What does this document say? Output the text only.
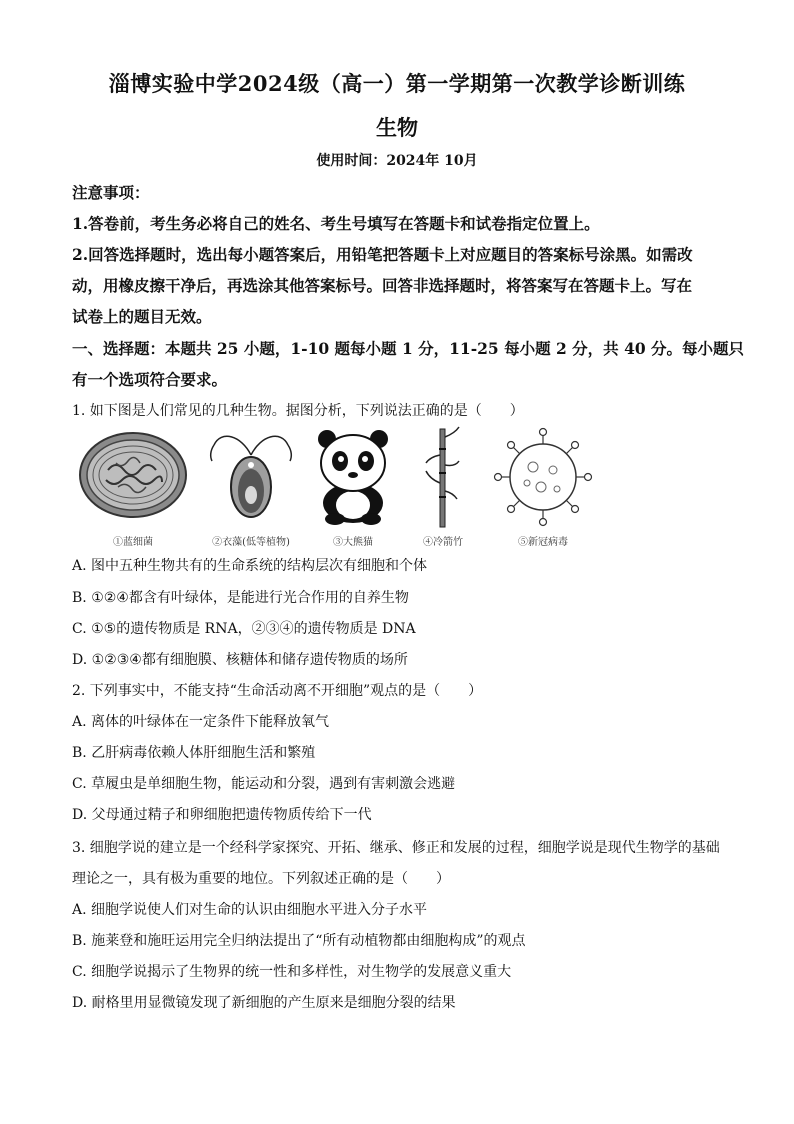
淄博实验中学2024级（高一）第一学期第一次教学诊断训练
生物
使用时间：2024年 10月
注意事项：
1.答卷前，考生务必将自己的姓名、考生号填写在答题卡和试卷指定位置上。
2.回答选择题时，选出每小题答案后，用铅笔把答题卡上对应题目的答案标号涂黑。如需改
动，用橡皮擦干净后，再选涂其他答案标号。回答非选择题时，将答案写在答题卡上。写在
试卷上的题目无效。
一、选择题：本题共 25 小题，1-10 题每小题 1 分，11-25 每小题 2 分，共 40 分。每小题只
有一个选项符合要求。
1. 如下图是人们常见的几种生物。据图分析，下列说法正确的是（　　）
①蓝细菌	②衣藻(低等植物)	③大熊猫	④冷箭竹	⑤新冠病毒
A. 图中五种生物共有的生命系统的结构层次有细胞和个体
B. ①②④都含有叶绿体，是能进行光合作用的自养生物
C. ①⑤的遗传物质是 RNA，②③④的遗传物质是 DNA
D. ①②③④都有细胞膜、核糖体和储存遗传物质的场所
2. 下列事实中，不能支持“生命活动离不开细胞”观点的是（　　）
A. 离体的叶绿体在一定条件下能释放氧气
B. 乙肝病毒依赖人体肝细胞生活和繁殖
C. 草履虫是单细胞生物，能运动和分裂，遇到有害刺激会逃避
D. 父母通过精子和卵细胞把遗传物质传给下一代
3. 细胞学说的建立是一个经科学家探究、开拓、继承、修正和发展的过程，细胞学说是现代生物学的基础
理论之一，具有极为重要的地位。下列叙述正确的是（　　）
A. 细胞学说使人们对生命的认识由细胞水平进入分子水平
B. 施莱登和施旺运用完全归纳法提出了“所有动植物都由细胞构成”的观点
C. 细胞学说揭示了生物界的统一性和多样性，对生物学的发展意义重大
D. 耐格里用显微镜发现了新细胞的产生原来是细胞分裂的结果
